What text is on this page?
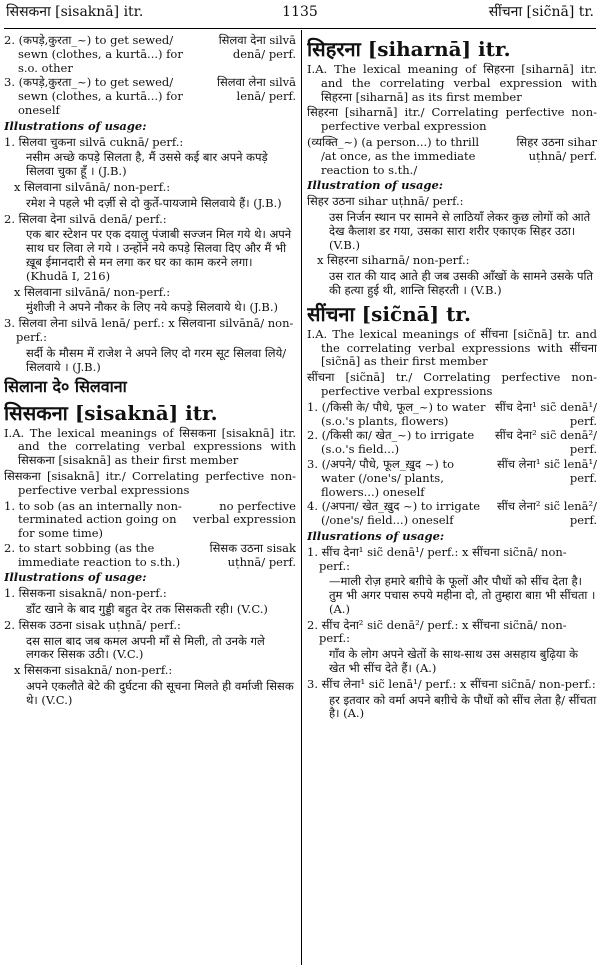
1135
सिसकना [sisaknā] itr.	सींचना [sic̃nā] tr.
2. (कपड़े,कुरता_~) to get sewed/ sewn (clothes, a kurtā...) for s.o. other
सिलवा देना silvā denā/ perf.
3. (कपड़े,कुरता_~) to get sewed/ sewn (clothes, a kurtā...) for oneself
सिलवा लेना silvā lenā/ perf.
Illustrations of usage:
1. सिलवा चुकना silvā cuknā/ perf.:
नसीम अच्छे कपड़े सिलता है, मैं उससे कई बार अपने कपड़े सिलवा चुका हूँ । (J.B.)
x सिलवाना silvānā/ non-perf.:
रमेश ने पहले भी दर्ज़ी से दो कुर्ते-पायजामे सिलवाये हैं। (J.B.)
2. सिलवा देना silvā denā/ perf.:
एक बार स्टेशन पर एक दयालु पंजाबी सज्जन मिल गये थे। अपने साथ घर लिवा ले गये । उन्होंने नये कपड़े सिलवा दिए और मैं भी ख़ूब ईमानदारी से मन लगा कर घर का काम करने लगा। (Khudā I, 216)
x सिलवाना silvānā/ non-perf.:
मुंशीजी ने अपने नौकर के लिए नये कपड़े सिलवाये थे। (J.B.)
3. सिलवा लेना silvā lenā/ perf.: x सिलवाना silvānā/ non-perf.:
सर्दी के मौसम में राजेश ने अपने लिए दो गरम सूट सिलवा लिये/सिलवाये । (J.B.)
सिलाना दे० सिलवाना
सिसकना [sisaknā] itr.
I.A. The lexical meanings of सिसकना [sisaknā] itr. and the correlating verbal expressions with सिसकना [sisaknā] as their first member
सिसकना [sisaknā] itr./ Correlating perfective non-perfective verbal expressions
1. to sob (as an internally non-terminated action going on for some time)
no perfective verbal expression
2. to start sobbing (as the immediate reaction to s.th.)
सिसक उठना sisak uṭhnā/ perf.
Illustrations of usage:
1. सिसकना sisaknā/ non-perf.:
डाँट खाने के बाद गुड्डी बहुत देर तक सिसकती रही। (V.C.)
2. सिसक उठना sisak uṭhnā/ perf.:
दस साल बाद जब कमल अपनी माँ से मिली, तो उनके गले लगकर सिसक उठी। (V.C.)
x सिसकना sisaknā/ non-perf.:
अपने एकलौते बेटे की दुर्घटना की सूचना मिलते ही वर्माजी सिसक थे। (V.C.)
सिहरना [siharnā] itr.
I.A. The lexical meaning of सिहरना [siharnā] itr. and the correlating verbal expression with सिहरना [siharnā] as its first member
सिहरना [siharnā] itr./ Correlating perfective non-perfective verbal expression
(व्यक्ति_~) (a person...) to thrill /at once, as the immediate reaction to s.th./
सिहर उठना sihar uṭhnā/ perf.
Illustration of usage:
सिहर उठना sihar uṭhnā/ perf.:
उस निर्जन स्थान पर सामने से लाठियाँ लेकर कुछ लोगों को आते देख कैलाश डर गया, उसका सारा शरीर एकाएक सिहर उठा। (V.B.)
x सिहरना siharnā/ non-perf.:
उस रात की याद आते ही जब उसकी आँखों के सामने उसके पति की हत्या हुई थी, शान्ति सिहरती । (V.B.)
सींचना [sic̃nā] tr.
I.A. The lexical meanings of सींचना [sic̃nā] tr. and the correlating verbal expressions with सींचना [sic̃nā] as their first member
सींचना [sic̃nā] tr./ Correlating perfective non-perfective verbal expressions
1. (/किसी के/ पौधे, फूल_~) to water (s.o.'s plants, flowers)
सींच देना¹ sic̃ denā¹/ perf.
2. (/किसी का/ खेत_~) to irrigate (s.o.'s field...)
सींच देना² sic̃ denā²/ perf.
3. (/अपने/ पौधे, फूल_ख़ुद ~) to water (/one's/ plants, flowers...) oneself
सींच लेना¹ sic̃ lenā¹/ perf.
4. (/अपना/ खेत_ख़ुद ~) to irrigate (/one's/ field...) oneself
सींच लेना² sic̃ lenā²/ perf.
Illusrations of usage:
1. सींच देना¹ sic̃ denā¹/ perf.: x सींचना sic̃nā/ non-perf.:
—माली रोज़ हमारे बग़ीचे के फूलों और पौधों को सींच देता है। तुम भी अगर पचास रुपये महीना दो, तो तुम्हारा बाग़ भी सींचता । (A.)
2. सींच देना² sic̃ denā²/ perf.: x सींचना sic̃nā/ non-perf.:
गाँव के लोग अपने खेतों के साथ-साथ उस असहाय बुढ़िया के खेत भी सींच देते हैं। (A.)
3. सींच लेना¹ sic̃ lenā¹/ perf.: x सींचना sic̃nā/ non-perf.:
हर इतवार को वर्मा अपने बग़ीचे के पौधों को सींच लेता है/ सींचता है। (A.)
